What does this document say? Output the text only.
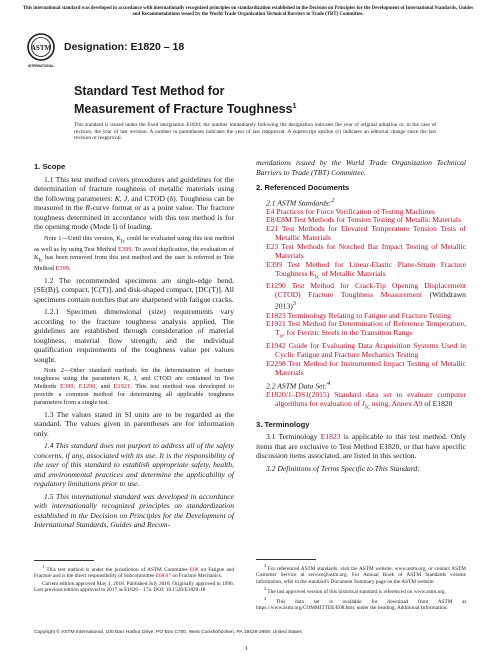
This international standard was developed in accordance with internationally recognized principles on standardization established in the Decision on Principles for the Development of International Standards, Guides and Recommendations issued by the World Trade Organization Technical Barriers to Trade (TBT) Committee.
ASTM
INTERNATIONAL
Designation: E1820 – 18
Standard Test Method for
Measurement of Fracture Toughness$^1$
This standard is issued under the fixed designation E1820; the number immediately following the designation indicates the year of original adoption or, in the case of revision, the year of last revision. A number in parentheses indicates the year of last reapproval. A superscript epsilon (ε) indicates an editorial change since the last revision or reapproval.
1. Scope
1.1 This test method covers procedures and guidelines for the determination of fracture toughness of metallic materials using the following parameters: K, J, and CTOD (δ). Toughness can be measured in the R-curve format or as a point value. The fracture toughness determined in accordance with this test method is for the opening mode (Mode I) of loading.
Note 1—Until this version, $K_{Ic}$ could be evaluated using this test method as well as by using Test Method E399. To avoid duplication, the evaluation of $K_{Ic}$ has been removed from this test method and the user is referred to Test Method E399.
1.2 The recommended specimens are single-edge bend, [SE(B)], compact, [C(T)], and disk-shaped compact, [DC(T)]. All specimens contain notches that are sharpened with fatigue cracks.
1.2.1 Specimen dimensional (size) requirements vary according to the fracture toughness analysis applied. The guidelines are established through consideration of material toughness, material flow strength, and the individual qualification requirements of the toughness value per values sought.
Note 2—Other standard methods for the determination of fracture toughness using the parameters K, J, and CTOD are contained in Test Methods E399, E1290, and E1921. This test method was developed to provide a common method for determining all applicable toughness parameters from a single test.
1.3 The values stated in SI units are to be regarded as the standard. The values given in parentheses are for information only.
1.4 This standard does not purport to address all of the safety concerns, if any, associated with its use. It is the responsibility of the user of this standard to establish appropriate safety, health, and environmental practices and determine the applicability of regulatory limitations prior to use.
1.5 This international standard was developed in accordance with internationally recognized principles on standardization established in the Decision on Principles for the Development of International Standards, Guides and Recom-
mendations issued by the World Trade Organization Technical Barriers to Trade (TBT) Committee.
2. Referenced Documents
2.1 ASTM Standards:$^2$
E4 Practices for Force Verification of Testing Machines
E8/E8M Test Methods for Tension Testing of Metallic Materials
E21 Test Methods for Elevated Temperature Tension Tests of Metallic Materials
E23 Test Methods for Notched Bar Impact Testing of Metallic Materials
E399 Test Method for Linear-Elastic Plane-Strain Fracture Toughness $K_{Ic}$ of Metallic Materials
E1290 Test Method for Crack-Tip Opening Displacement (CTOD) Fracture Toughness Measurement (Withdrawn 2013)$^3$
E1823 Terminology Relating to Fatigue and Fracture Testing
E1921 Test Method for Determination of Reference Temperature, $T_o$, for Ferritic Steels in the Transition Range
E1942 Guide for Evaluating Data Acquisition Systems Used in Cyclic Fatigue and Fracture Mechanics Testing
E2298 Test Method for Instrumented Impact Testing of Metallic Materials
2.2 ASTM Data Set:$^4$
E1820/1–DS1(2015) Standard data set to evaluate computer algorithms for evaluation of $J_{Ic}$ using, Annex A9 of E1820
3. Terminology
3.1 Terminology E1823 is applicable to this test method. Only items that are exclusive to Test Method E1820, or that have specific discussion items associated, are listed in this section.
3.2 Definitions of Terms Specific to This Standard:
$^1$ This test method is under the jurisdiction of ASTM Committee E08 on Fatigue and Fracture and is the direct responsibility of Subcommittee E08.07 on Fracture Mechanics.
Current edition approved May 1, 2018. Published July 2018. Originally approved in 1996. Last previous edition approved in 2017 as E1820 – 17a. DOI: 10.1520/E1820-18
$^2$ For referenced ASTM standards, visit the ASTM website, www.astm.org, or contact ASTM Customer Service at service@astm.org. For Annual Book of ASTM Standards volume information, refer to the standard's Document Summary page on the ASTM website.
$^3$ The last approved version of this historical standard is referenced on www.astm.org.
$^4$ This data set is available for download from ASTM at https://www.astm.org/COMMITTEE/E08.htm, under the heading, Additional Information.
Copyright © ASTM International, 100 Barr Harbor Drive, PO Box C700, West Conshohocken, PA 19428-2959. United States
1
